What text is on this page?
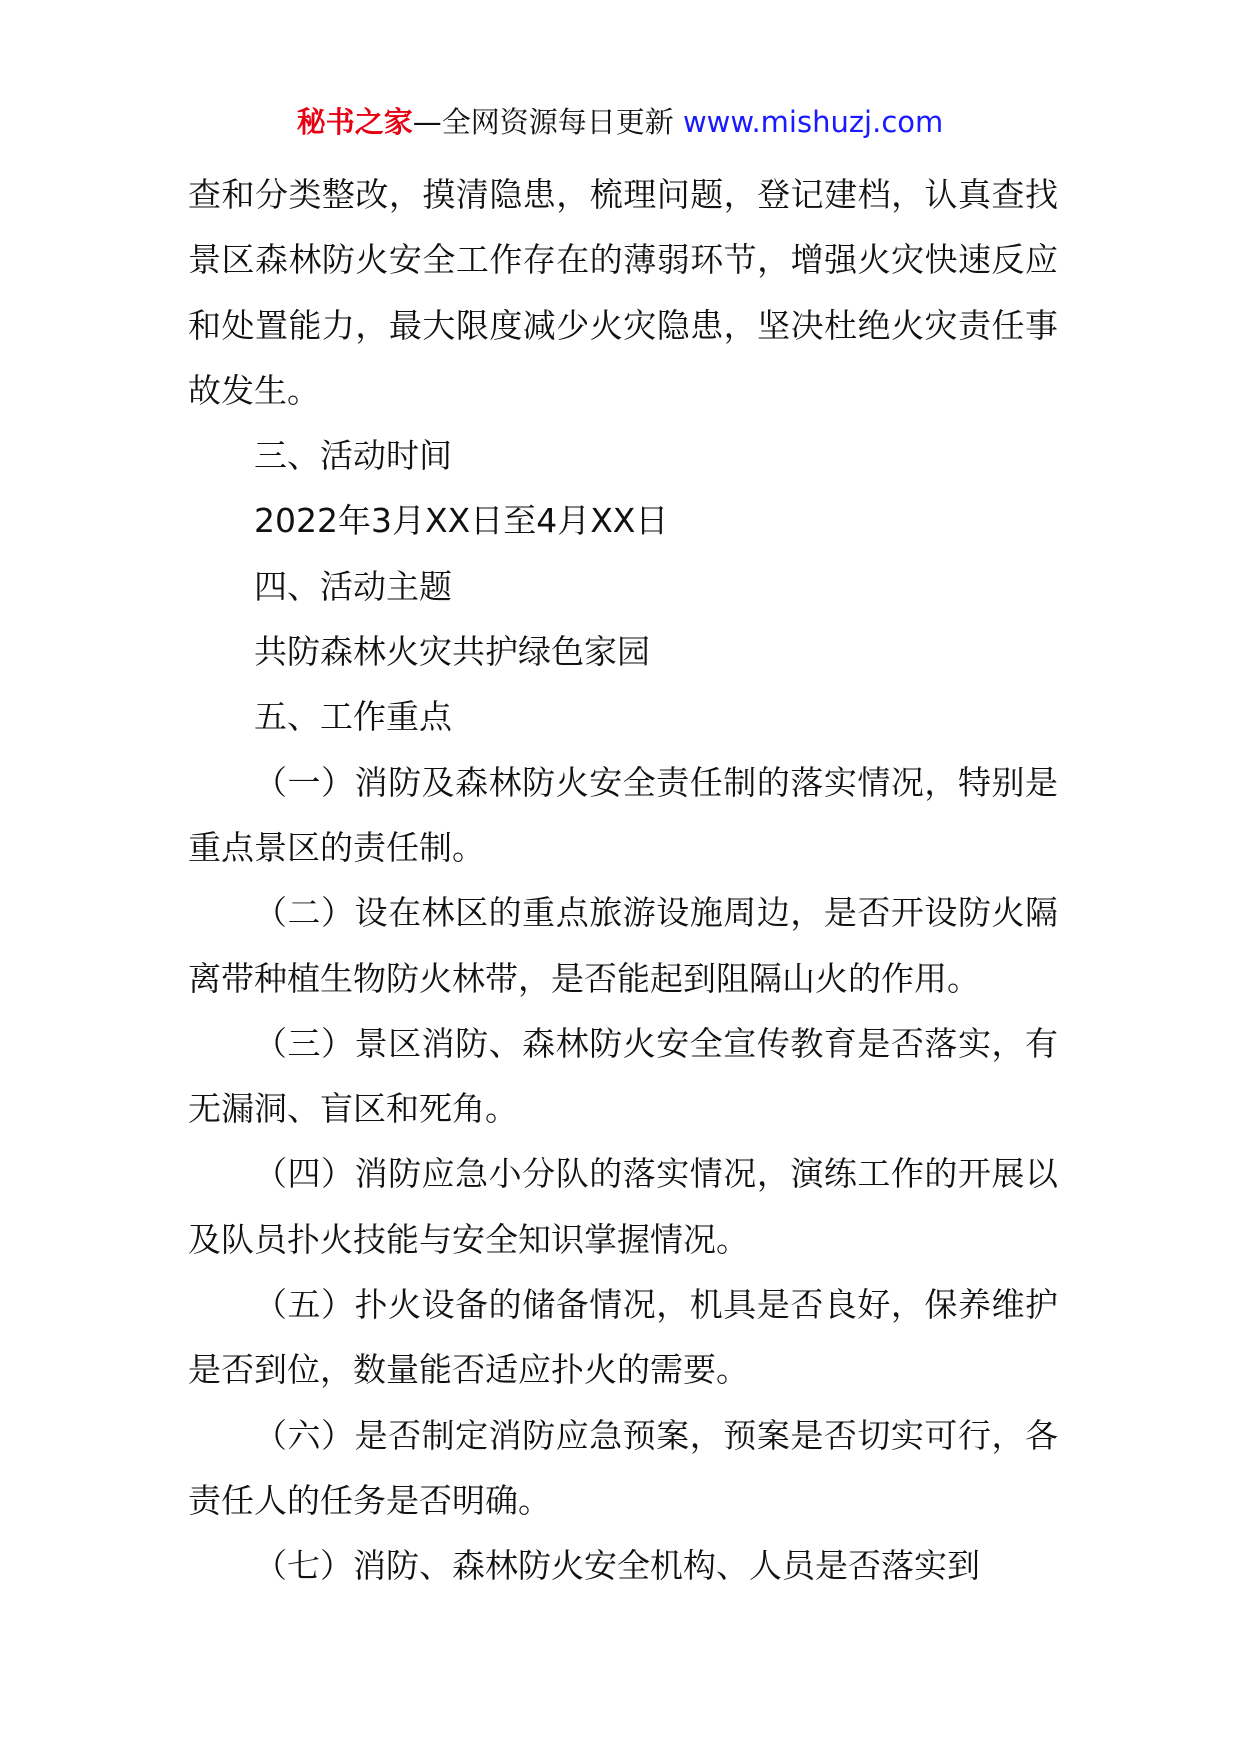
秘书之家—全网资源每日更新 www.mishuzj.com

查和分类整改，摸清隐患，梳理问题，登记建档，认真查找景区森林防火安全工作存在的薄弱环节，增强火灾快速反应和处置能力，最大限度减少火灾隐患，坚决杜绝火灾责任事故发生。

三、活动时间

2022年3月XX日至4月XX日

四、活动主题

共防森林火灾共护绿色家园

五、工作重点

（一）消防及森林防火安全责任制的落实情况，特别是重点景区的责任制。

（二）设在林区的重点旅游设施周边，是否开设防火隔离带种植生物防火林带，是否能起到阻隔山火的作用。

（三）景区消防、森林防火安全宣传教育是否落实，有无漏洞、盲区和死角。

（四）消防应急小分队的落实情况，演练工作的开展以及队员扑火技能与安全知识掌握情况。

（五）扑火设备的储备情况，机具是否良好，保养维护是否到位，数量能否适应扑火的需要。

（六）是否制定消防应急预案，预案是否切实可行，各责任人的任务是否明确。

（七）消防、森林防火安全机构、人员是否落实到
